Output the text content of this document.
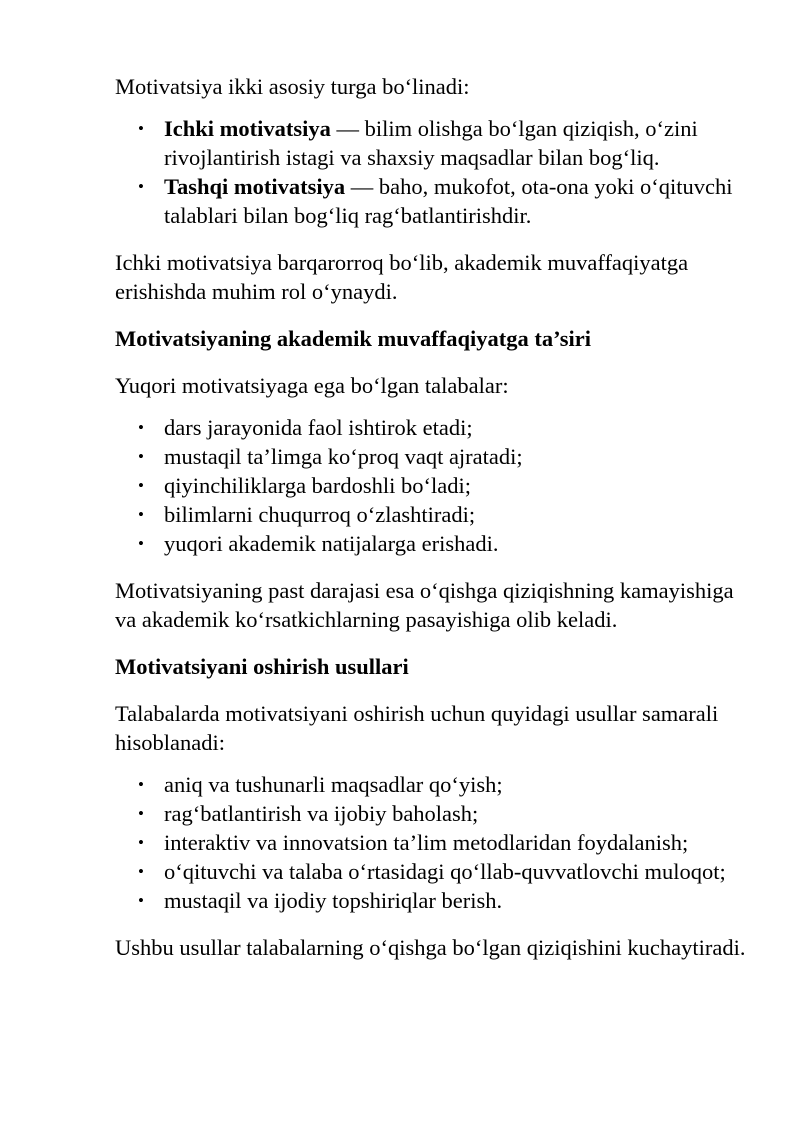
Motivatsiya ikki asosiy turga bo‘linadi:

• Ichki motivatsiya — bilim olishga bo‘lgan qiziqish, o‘zini rivojlantirish istagi va shaxsiy maqsadlar bilan bog‘liq.
• Tashqi motivatsiya — baho, mukofot, ota-ona yoki o‘qituvchi talablari bilan bog‘liq rag‘batlantirishdir.

Ichki motivatsiya barqarorroq bo‘lib, akademik muvaffaqiyatga erishishda muhim rol o‘ynaydi.

Motivatsiyaning akademik muvaffaqiyatga ta’siri

Yuqori motivatsiyaga ega bo‘lgan talabalar:

• dars jarayonida faol ishtirok etadi;
• mustaqil ta’limga ko‘proq vaqt ajratadi;
• qiyinchiliklarga bardoshli bo‘ladi;
• bilimlarni chuqurroq o‘zlashtiradi;
• yuqori akademik natijalarga erishadi.

Motivatsiyaning past darajasi esa o‘qishga qiziqishning kamayishiga va akademik ko‘rsatkichlarning pasayishiga olib keladi.

Motivatsiyani oshirish usullari

Talabalarda motivatsiyani oshirish uchun quyidagi usullar samarali hisoblanadi:

• aniq va tushunarli maqsadlar qo‘yish;
• rag‘batlantirish va ijobiy baholash;
• interaktiv va innovatsion ta’lim metodlaridan foydalanish;
• o‘qituvchi va talaba o‘rtasidagi qo‘llab-quvvatlovchi muloqot;
• mustaqil va ijodiy topshiriqlar berish.

Ushbu usullar talabalarning o‘qishga bo‘lgan qiziqishini kuchaytiradi.
